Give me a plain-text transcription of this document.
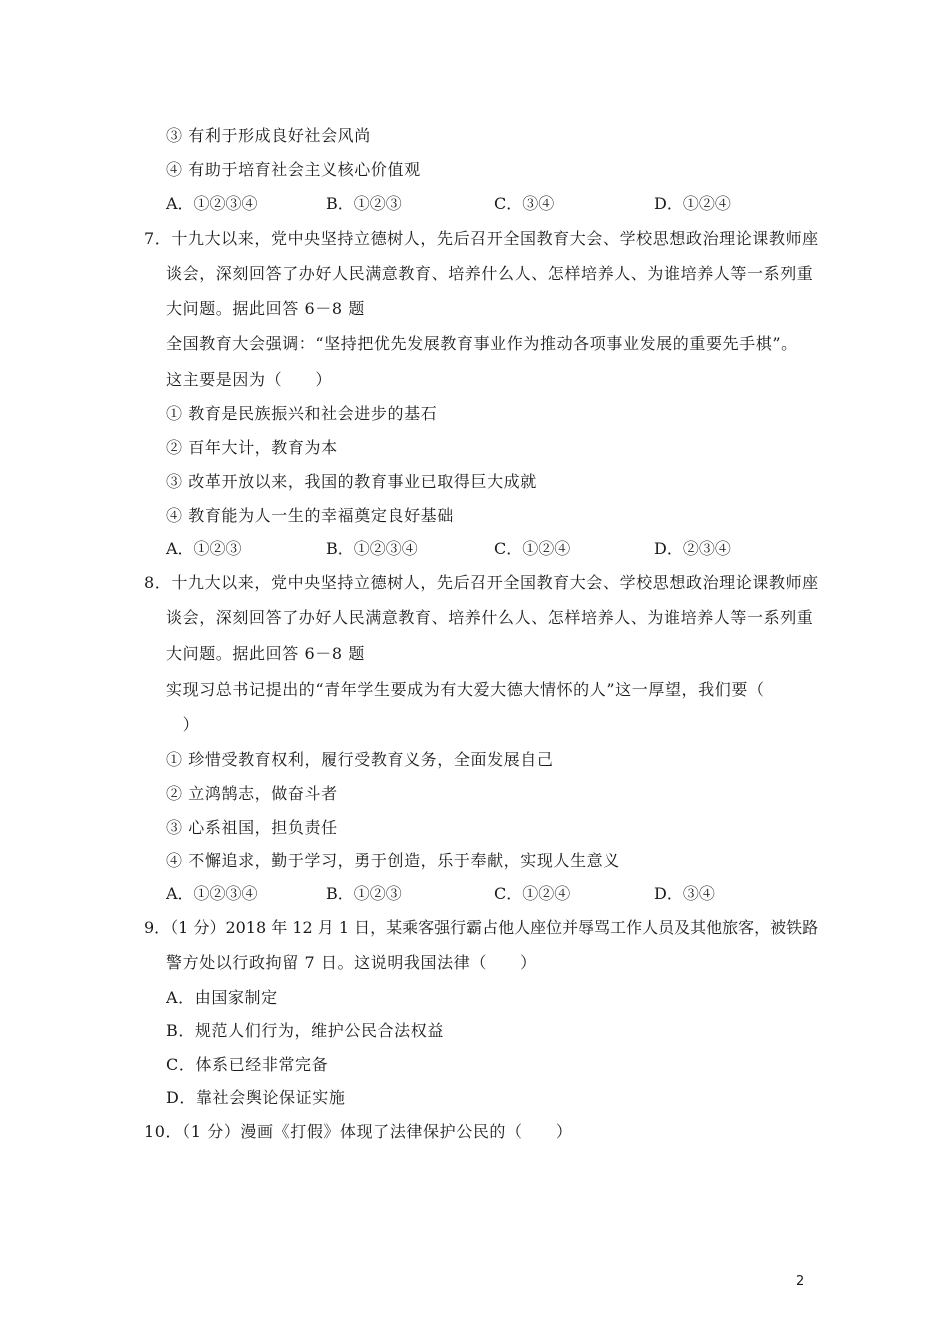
③ 有利于形成良好社会风尚
④ 有助于培育社会主义核心价值观
A．①②③④	B．①②③	C．③④	D．①②④
7．十九大以来，党中央坚持立德树人，先后召开全国教育大会、学校思想政治理论课教师座
谈会，深刻回答了办好人民满意教育、培养什么人、怎样培养人、为谁培养人等一系列重
大问题。据此回答 6－8 题
全国教育大会强调：“坚持把优先发展教育事业作为推动各项事业发展的重要先手棋”。
这主要是因为（　　）
① 教育是民族振兴和社会进步的基石
② 百年大计，教育为本
③ 改革开放以来，我国的教育事业已取得巨大成就
④ 教育能为人一生的幸福奠定良好基础
A．①②③	B．①②③④	C．①②④	D．②③④
8．十九大以来，党中央坚持立德树人，先后召开全国教育大会、学校思想政治理论课教师座
谈会，深刻回答了办好人民满意教育、培养什么人、怎样培养人、为谁培养人等一系列重
大问题。据此回答 6－8 题
实现习总书记提出的“青年学生要成为有大爱大德大情怀的人”这一厚望，我们要（
　）
① 珍惜受教育权利，履行受教育义务，全面发展自己
② 立鸿鹄志，做奋斗者
③ 心系祖国，担负责任
④ 不懈追求，勤于学习，勇于创造，乐于奉献，实现人生意义
A．①②③④	B．①②③	C．①②④	D．③④
9．（1 分）2018 年 12 月 1 日，某乘客强行霸占他人座位并辱骂工作人员及其他旅客，被铁路
警方处以行政拘留 7 日。这说明我国法律（　　）
A．由国家制定
B．规范人们行为，维护公民合法权益
C．体系已经非常完备
D．靠社会舆论保证实施
10．（1 分）漫画《打假》体现了法律保护公民的（　　）
2
